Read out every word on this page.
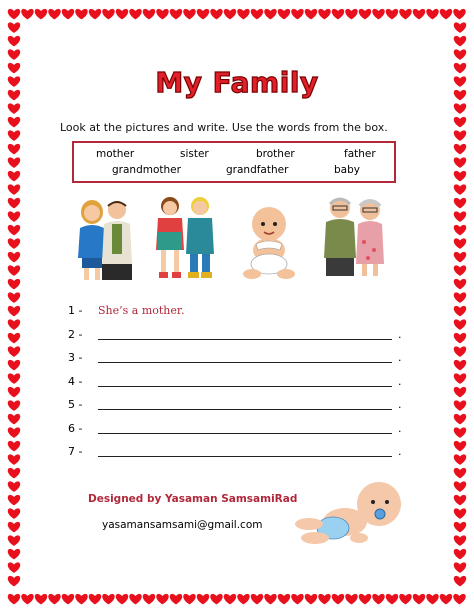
My Family
Look at the pictures and write. Use the words from the box.
mother	sister	brother	father
grandmother	grandfather	baby
1 - She’s a mother.
2 -	.
3 -	.
4 -	.
5 -	.
6 -	.
7 -	.
Designed by Yasaman SamsamiRad
yasamansamsami@gmail.com
